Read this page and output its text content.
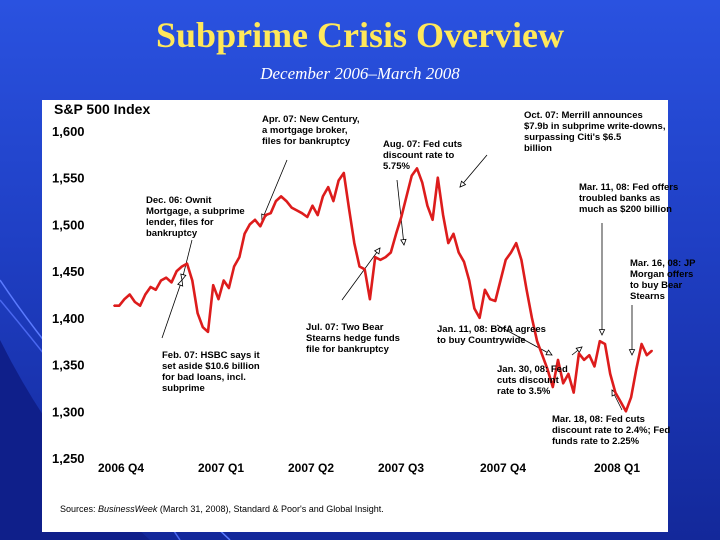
Subprime Crisis Overview
December 2006–March 2008
S&P 500 Index
1,600
1,550
1,500
1,450
1,400
1,350
1,300
1,250
2006 Q4	2007 Q1	2007 Q2	2007 Q3	2007 Q4	2008 Q1
Dec. 06: Ownit
Mortgage, a subprime
lender, files for
bankruptcy
Feb. 07: HSBC says it
set aside $10.6 billion
for bad loans, incl.
subprime
Apr. 07: New Century,
a mortgage broker,
files for bankruptcy
Jul. 07: Two Bear
Stearns hedge funds
file for bankruptcy
Aug. 07: Fed cuts
discount rate to
5.75%
Oct. 07: Merrill announces
$7.9b in subprime write-downs,
surpassing Citi's $6.5
billion
Jan. 11, 08: BofA agrees
to buy Countrywide
Jan. 30, 08: Fed
cuts discount
rate to 3.5%
Mar. 11, 08: Fed offers
troubled banks as
much as $200 billion
Mar. 16, 08: JP
Morgan offers
to buy Bear
Stearns
Mar. 18, 08: Fed cuts
discount rate to 2.4%; Fed
funds rate to 2.25%
Sources: BusinessWeek (March 31, 2008), Standard & Poor's and Global Insight.
